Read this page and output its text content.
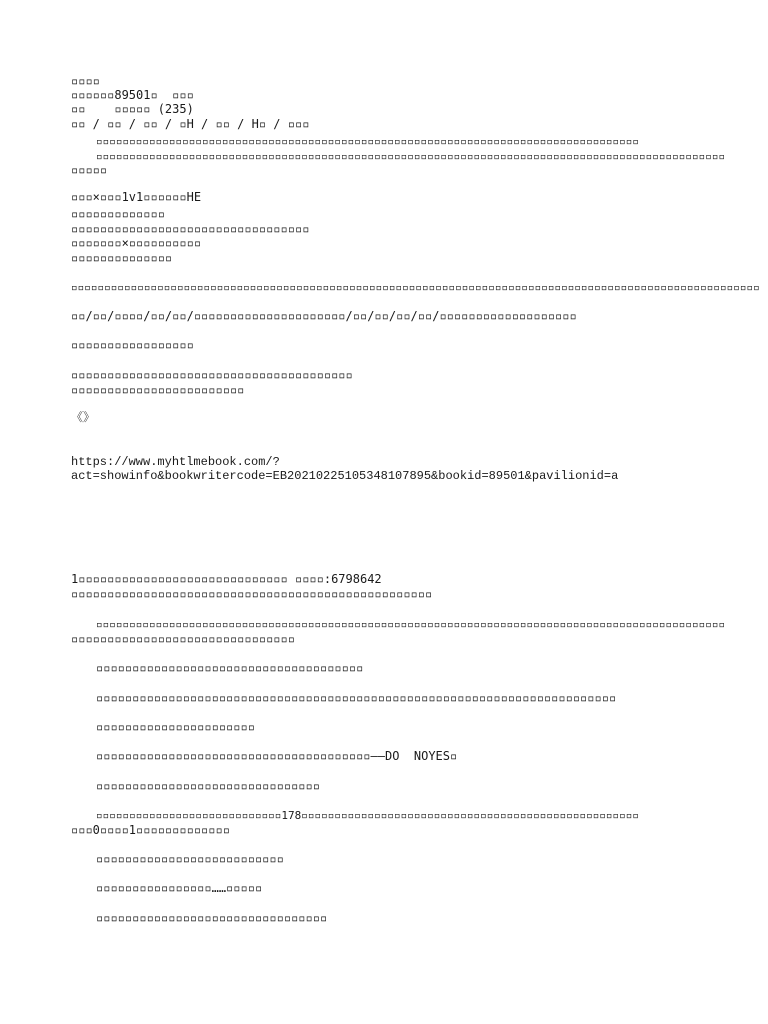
▫▫▫▫
▫▫▫▫▫▫89501▫  ▫▫▫
▫▫    ▫▫▫▫▫ (235)
▫▫ / ▫▫ / ▫▫ / ▫H / ▫▫ / H▫ / ▫▫▫
▫▫▫▫▫▫▫▫▫▫▫▫▫▫▫▫▫▫▫▫▫▫▫▫▫▫▫▫▫▫▫▫▫▫▫▫▫▫▫▫▫▫▫▫▫▫▫▫▫▫▫▫▫▫▫▫▫▫▫▫▫▫▫▫▫▫▫▫▫▫▫▫▫▫▫▫▫▫▫▫▫▫
▫▫▫▫▫▫▫▫▫▫▫▫▫▫▫▫▫▫▫▫▫▫▫▫▫▫▫▫▫▫▫▫▫▫▫▫▫▫▫▫▫▫▫▫▫▫▫▫▫▫▫▫▫▫▫▫▫▫▫▫▫▫▫▫▫▫▫▫▫▫▫▫▫▫▫▫▫▫▫▫▫▫▫▫▫▫▫▫▫▫▫▫▫▫▫
▫▫▫▫▫
▫▫▫×▫▫▫1v1▫▫▫▫▫▫HE
▫▫▫▫▫▫▫▫▫▫▫▫▫
▫▫▫▫▫▫▫▫▫▫▫▫▫▫▫▫▫▫▫▫▫▫▫▫▫▫▫▫▫▫▫▫▫
▫▫▫▫▫▫▫×▫▫▫▫▫▫▫▫▫▫
▫▫▫▫▫▫▫▫▫▫▫▫▫▫
▫▫▫▫▫▫▫▫▫▫▫▫▫▫▫▫▫▫▫▫▫▫▫▫▫▫▫▫▫▫▫▫▫▫▫▫▫▫▫▫▫▫▫▫▫▫▫▫▫▫▫▫▫▫▫▫▫▫▫▫▫▫▫▫▫▫▫▫▫▫▫▫▫▫▫▫▫▫▫▫▫▫▫▫▫▫▫▫▫▫▫▫▫▫▫▫▫▫▫▫▫▫▫▫
▫▫/▫▫/▫▫▫▫/▫▫/▫▫/▫▫▫▫▫▫▫▫▫▫▫▫▫▫▫▫▫▫▫▫▫/▫▫/▫▫/▫▫/▫▫/▫▫▫▫▫▫▫▫▫▫▫▫▫▫▫▫▫▫▫
▫▫▫▫▫▫▫▫▫▫▫▫▫▫▫▫▫
▫▫▫▫▫▫▫▫▫▫▫▫▫▫▫▫▫▫▫▫▫▫▫▫▫▫▫▫▫▫▫▫▫▫▫▫▫▫▫
▫▫▫▫▫▫▫▫▫▫▫▫▫▫▫▫▫▫▫▫▫▫▫▫
《》
https://www.myhtlmebook.com/?
act=showinfo&bookwritercode=EB20210225105348107895&bookid=89501&pavilionid=a
1▫▫▫▫▫▫▫▫▫▫▫▫▫▫▫▫▫▫▫▫▫▫▫▫▫▫▫▫▫ ▫▫▫▫:6798642
▫▫▫▫▫▫▫▫▫▫▫▫▫▫▫▫▫▫▫▫▫▫▫▫▫▫▫▫▫▫▫▫▫▫▫▫▫▫▫▫▫▫▫▫▫▫▫▫▫▫
▫▫▫▫▫▫▫▫▫▫▫▫▫▫▫▫▫▫▫▫▫▫▫▫▫▫▫▫▫▫▫▫▫▫▫▫▫▫▫▫▫▫▫▫▫▫▫▫▫▫▫▫▫▫▫▫▫▫▫▫▫▫▫▫▫▫▫▫▫▫▫▫▫▫▫▫▫▫▫▫▫▫▫▫▫▫▫▫▫▫▫▫▫▫▫
▫▫▫▫▫▫▫▫▫▫▫▫▫▫▫▫▫▫▫▫▫▫▫▫▫▫▫▫▫▫▫
▫▫▫▫▫▫▫▫▫▫▫▫▫▫▫▫▫▫▫▫▫▫▫▫▫▫▫▫▫▫▫▫▫▫▫▫▫
▫▫▫▫▫▫▫▫▫▫▫▫▫▫▫▫▫▫▫▫▫▫▫▫▫▫▫▫▫▫▫▫▫▫▫▫▫▫▫▫▫▫▫▫▫▫▫▫▫▫▫▫▫▫▫▫▫▫▫▫▫▫▫▫▫▫▫▫▫▫▫▫
▫▫▫▫▫▫▫▫▫▫▫▫▫▫▫▫▫▫▫▫▫▫
▫▫▫▫▫▫▫▫▫▫▫▫▫▫▫▫▫▫▫▫▫▫▫▫▫▫▫▫▫▫▫▫▫▫▫▫▫▫——DO  NOYES▫
▫▫▫▫▫▫▫▫▫▫▫▫▫▫▫▫▫▫▫▫▫▫▫▫▫▫▫▫▫▫▫
▫▫▫▫▫▫▫▫▫▫▫▫▫▫▫▫▫▫▫▫▫▫▫▫▫▫▫▫178▫▫▫▫▫▫▫▫▫▫▫▫▫▫▫▫▫▫▫▫▫▫▫▫▫▫▫▫▫▫▫▫▫▫▫▫▫▫▫▫▫▫▫▫▫▫▫▫▫▫▫
▫▫▫0▫▫▫▫1▫▫▫▫▫▫▫▫▫▫▫▫▫
▫▫▫▫▫▫▫▫▫▫▫▫▫▫▫▫▫▫▫▫▫▫▫▫▫▫
▫▫▫▫▫▫▫▫▫▫▫▫▫▫▫▫……▫▫▫▫▫
▫▫▫▫▫▫▫▫▫▫▫▫▫▫▫▫▫▫▫▫▫▫▫▫▫▫▫▫▫▫▫▫
